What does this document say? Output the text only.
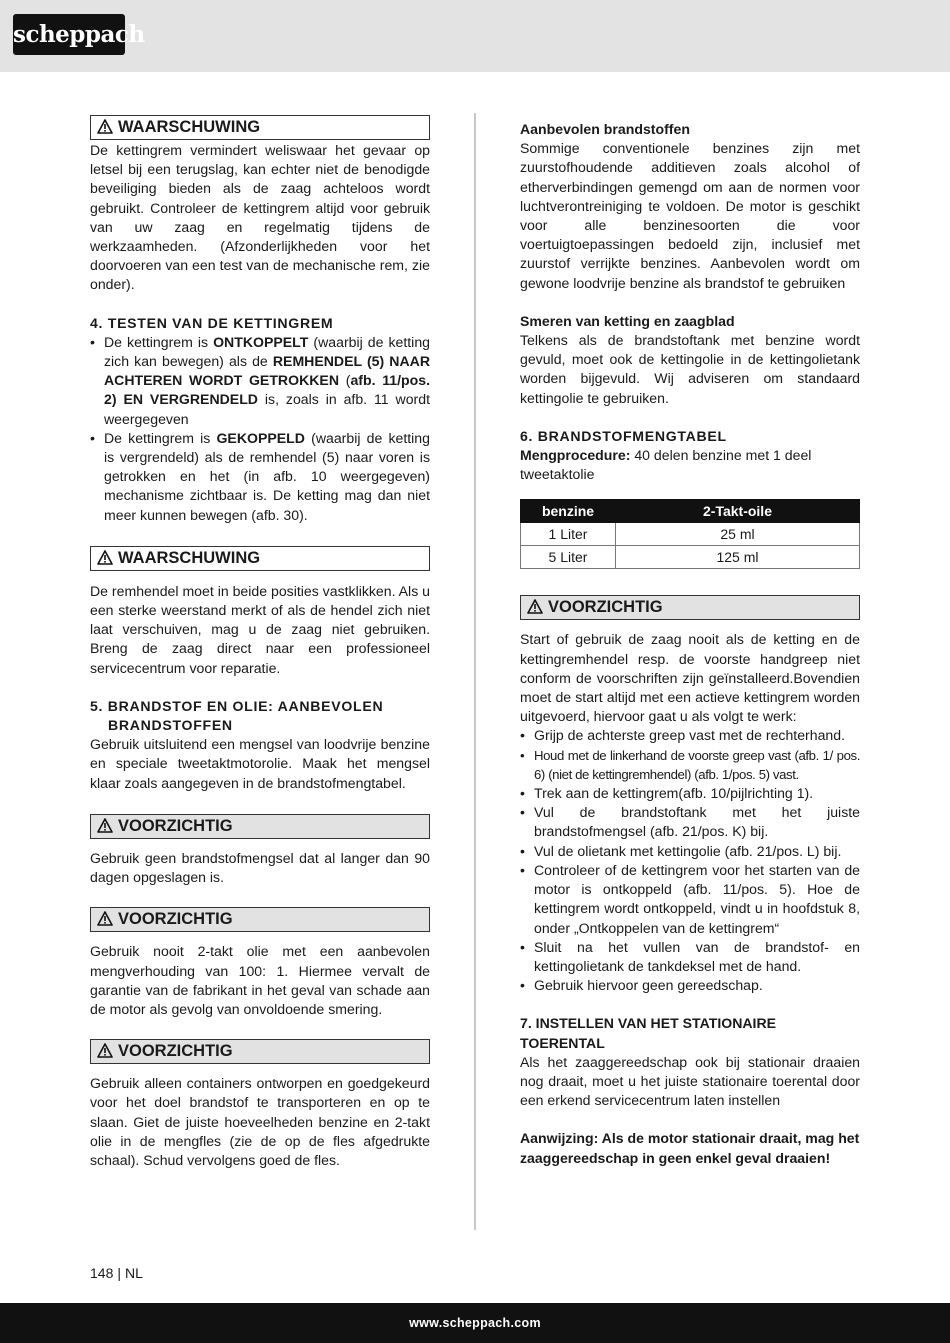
scheppach
WAARSCHUWING

De kettingrem vermindert weliswaar het gevaar op letsel bij een terugslag, kan echter niet de benodigde beveiliging bieden als de zaag achteloos wordt gebruikt. Controleer de kettingrem altijd voor gebruik van uw zaag en regelmatig tijdens de werkzaamheden. (Afzonderlijkheden voor het doorvoeren van een test van de mechanische rem, zie onder).

4. TESTEN VAN DE KETTINGREM

• De kettingrem is ONTKOPPELT (waarbij de ketting zich kan bewegen) als de REMHENDEL (5) NAAR ACHTEREN WORDT GETROKKEN (afb. 11/pos. 2) EN VERGRENDELD is, zoals in afb. 11 wordt weergegeven
• De kettingrem is GEKOPPELD (waarbij de ketting is vergrendeld) als de remhendel (5) naar voren is getrokken en het (in afb. 10 weergegeven) mechanisme zichtbaar is. De ketting mag dan niet meer kunnen bewegen (afb. 30).
WAARSCHUWING

De remhendel moet in beide posities vastklikken. Als u een sterke weerstand merkt of als de hendel zich niet laat verschuiven, mag u de zaag niet gebruiken. Breng de zaag direct naar een professioneel servicecentrum voor reparatie.

5. BRANDSTOF EN OLIE: AANBEVOLEN
BRANDSTOFFEN

Gebruik uitsluitend een mengsel van loodvrije benzine en speciale tweetaktmotorolie. Maak het mengsel klaar zoals aangegeven in de brandstofmengtabel.

VOORZICHTIG

Gebruik geen brandstofmengsel dat al langer dan 90 dagen opgeslagen is.

VOORZICHTIG

Gebruik nooit 2-takt olie met een aanbevolen mengverhouding van 100: 1. Hiermee vervalt de garantie van de fabrikant in het geval van schade aan de motor als gevolg van onvoldoende smering.

VOORZICHTIG

Gebruik alleen containers ontworpen en goedgekeurd voor het doel brandstof te transporteren en op te slaan. Giet de juiste hoeveelheden benzine en 2-takt olie in de mengfles (zie de op de fles afgedrukte schaal). Schud vervolgens goed de fles.

Aanbevolen brandstoffen

Sommige conventionele benzines zijn met zuurstofhoudende additieven zoals alcohol of etherverbindingen gemengd om aan de normen voor luchtverontreiniging te voldoen. De motor is geschikt voor alle benzinesoorten die voor voertuigtoepassingen bedoeld zijn, inclusief met zuurstof verrijkte benzines. Aanbevolen wordt om gewone loodvrije benzine als brandstof te gebruiken

Smeren van ketting en zaagblad

Telkens als de brandstoftank met benzine wordt gevuld, moet ook de kettingolie in de kettingolietank worden bijgevuld. Wij adviseren om standaard kettingolie te gebruiken.

6. BRANDSTOFMENGTABEL

Mengprocedure: 40 delen benzine met 1 deel tweetaktolie

benzine	2-Takt-oile
1 Liter	25 ml
5 Liter	125 ml
VOORZICHTIG

Start of gebruik de zaag nooit als de ketting en de kettingremhendel resp. de voorste handgreep niet conform de voorschriften zijn geïnstalleerd.Bovendien moet de start altijd met een actieve kettingrem worden uitgevoerd, hiervoor gaat u als volgt te werk:

• Grijp de achterste greep vast met de rechterhand.
• Houd met de linkerhand de voorste greep vast (afb. 1/ pos. 6) (niet de kettingremhendel) (afb. 1/pos. 5) vast.
• Trek aan de kettingrem(afb. 10/pijlrichting 1).
• Vul de brandstoftank met het juiste brandstofmengsel (afb. 21/pos. K) bij.
• Vul de olietank met kettingolie (afb. 21/pos. L) bij.
• Controleer of de kettingrem voor het starten van de motor is ontkoppeld (afb. 11/pos. 5). Hoe de kettingrem wordt ontkoppeld, vindt u in hoofdstuk 8, onder „Ontkoppelen van de kettingrem“
• Sluit na het vullen van de brandstof- en kettingolietank de tankdeksel met de hand.
• Gebruik hiervoor geen gereedschap.

7. INSTELLEN VAN HET STATIONAIRE TOERENTAL

Als het zaaggereedschap ook bij stationair draaien nog draait, moet u het juiste stationaire toerental door een erkend servicecentrum laten instellen

Aanwijzing: Als de motor stationair draait, mag het zaaggereedschap in geen enkel geval draaien!

148 | NL
www.scheppach.com
